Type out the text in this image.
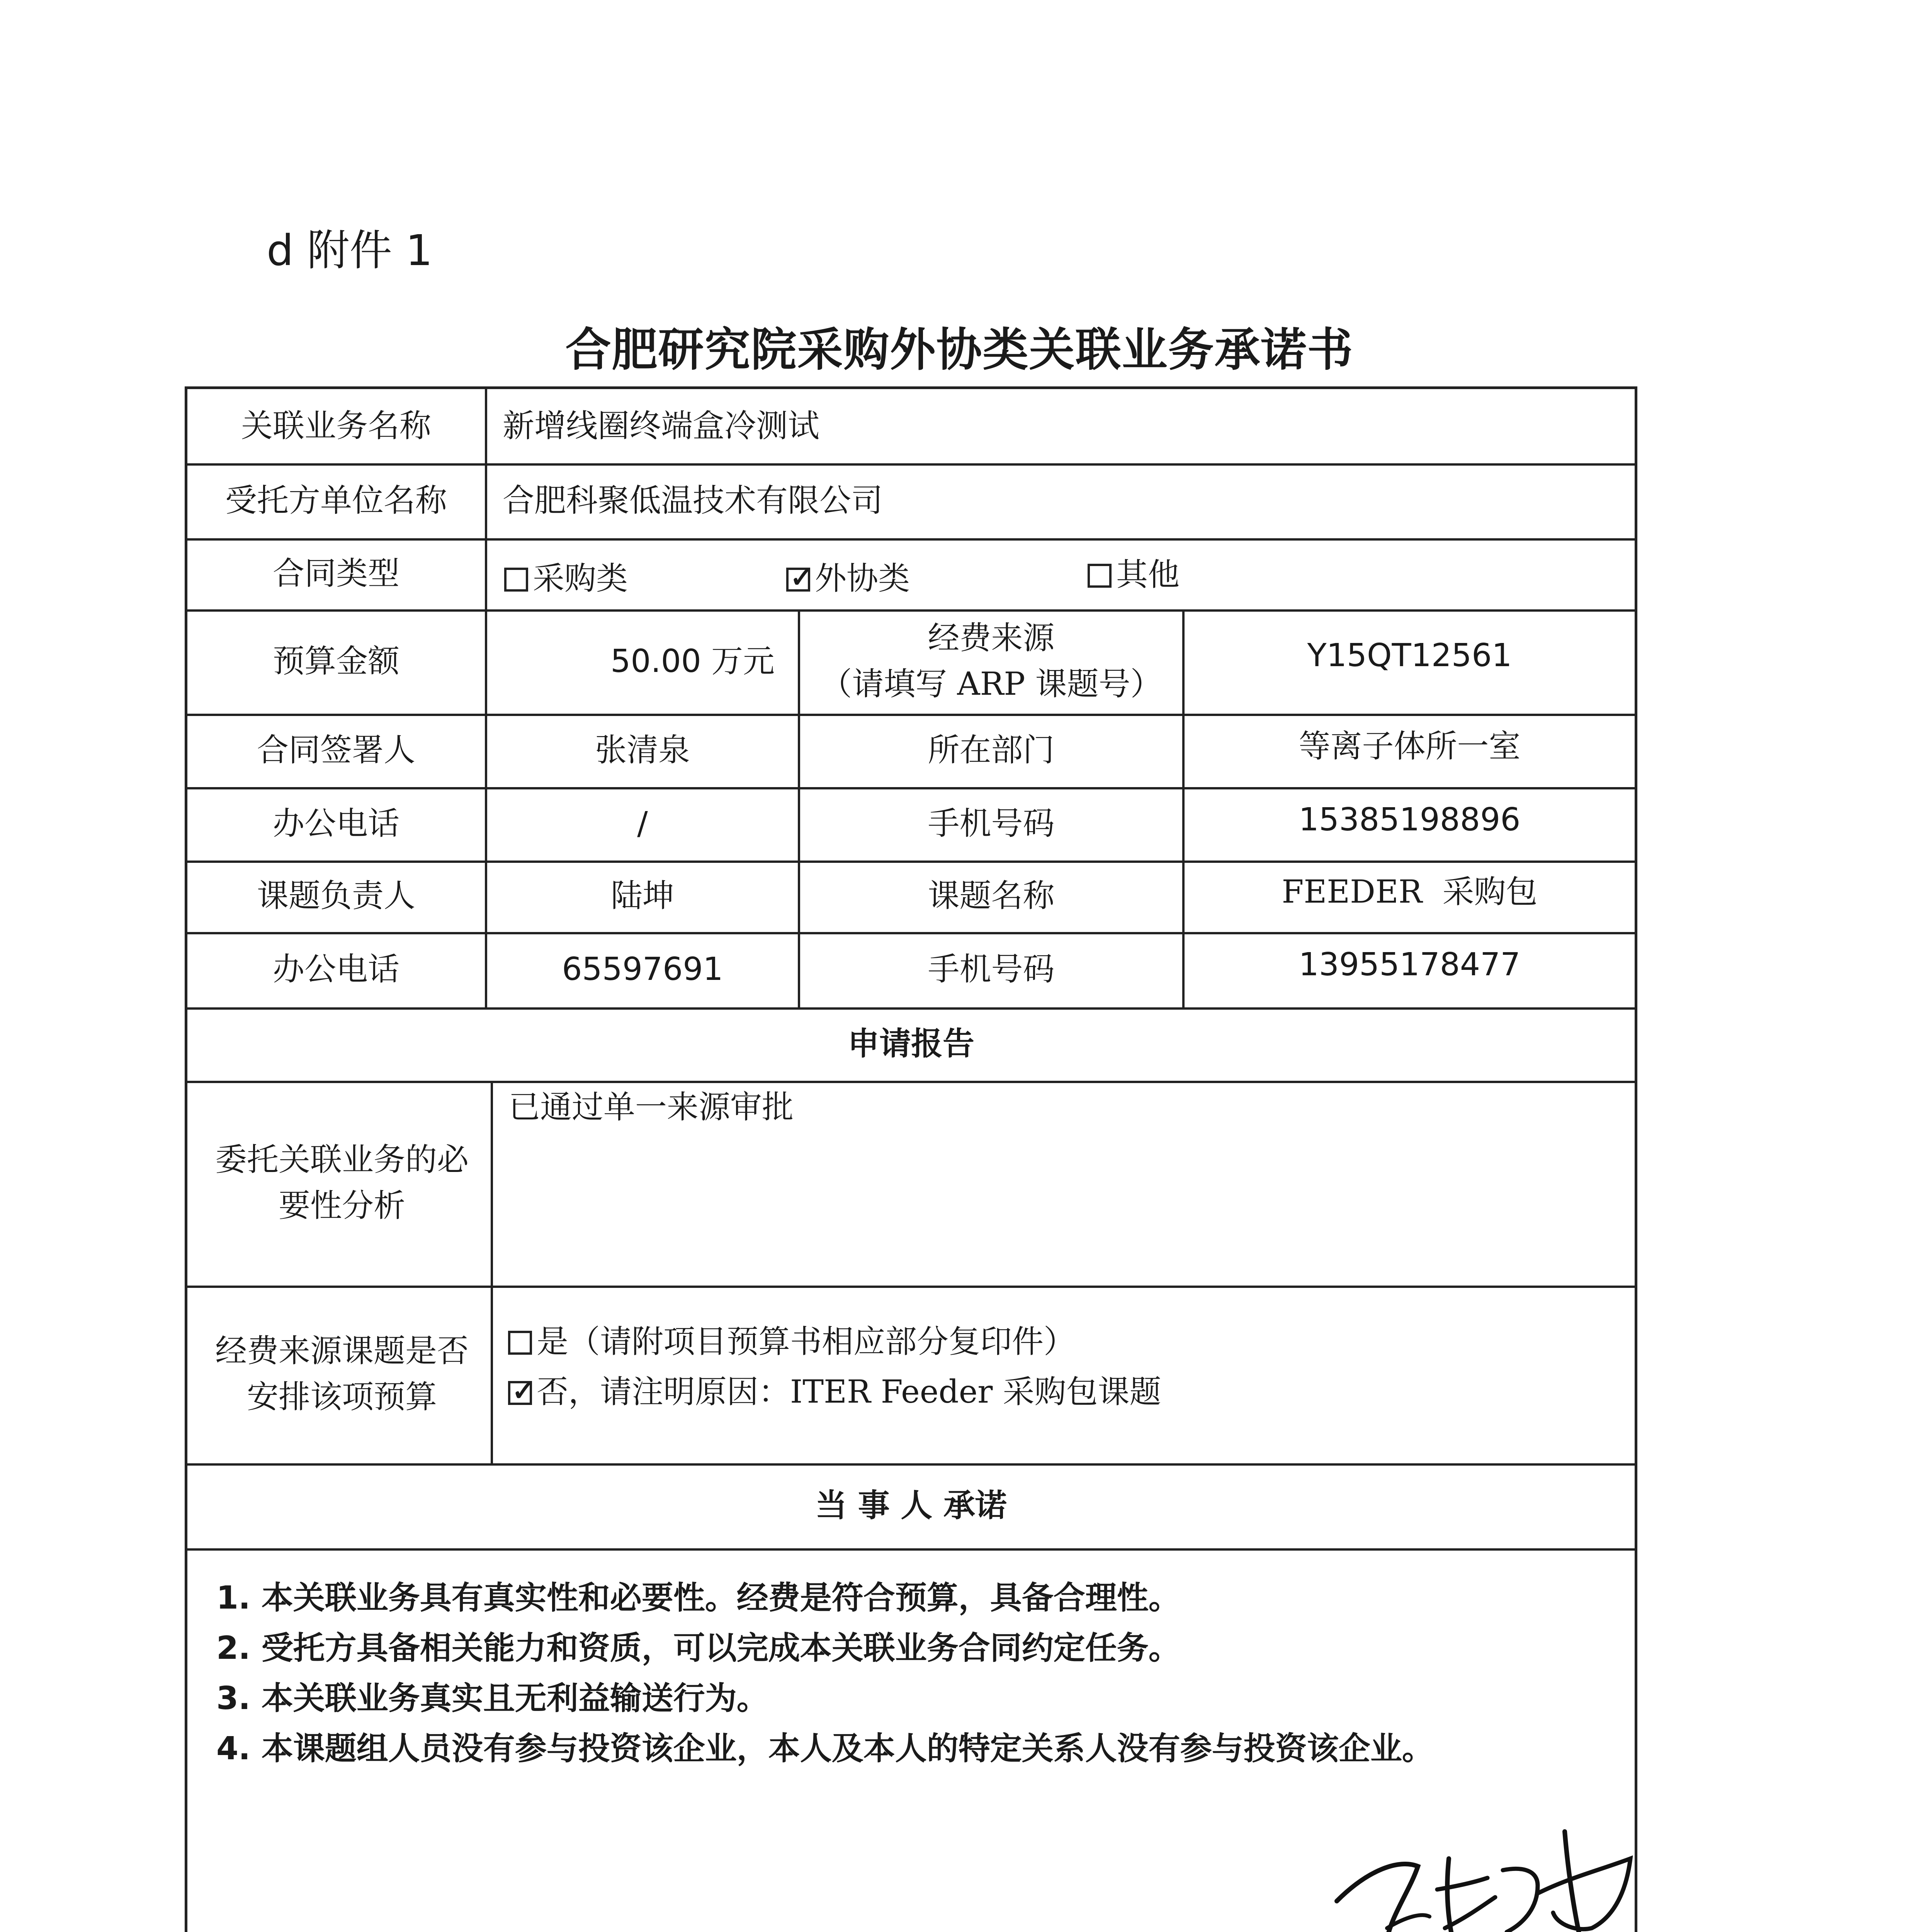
d 附件 1
合肥研究院采购外协类关联业务承诺书
关联业务名称	新增线圈终端盒冷测试
受托方单位名称	合肥科聚低温技术有限公司
合同类型	采购类
✓	外协类	其他
预算金额	50.00 万元
经费来源
（请填写 ARP 课题号）
Y15QT12561
合同签署人	张清泉	所在部门	等离子体所一室
办公电话	/	手机号码	15385198896
课题负责人	陆坤	课题名称	FEEDER  采购包
办公电话	65597691	手机号码	13955178477
申请报告
委托关联业务的必要性分析
已通过单一来源审批
经费来源课题是否安排该项预算
是（请附项目预算书相应部分复印件）
✓否，请注明原因：ITER Feeder 采购包课题
当 事 人 承诺
1. 本关联业务具有真实性和必要性。经费是符合预算，具备合理性。
2. 受托方具备相关能力和资质，可以完成本关联业务合同约定任务。
3. 本关联业务真实且无利益输送行为。
4. 本课题组人员没有参与投资该企业，本人及本人的特定关系人没有参与投资该企业。
